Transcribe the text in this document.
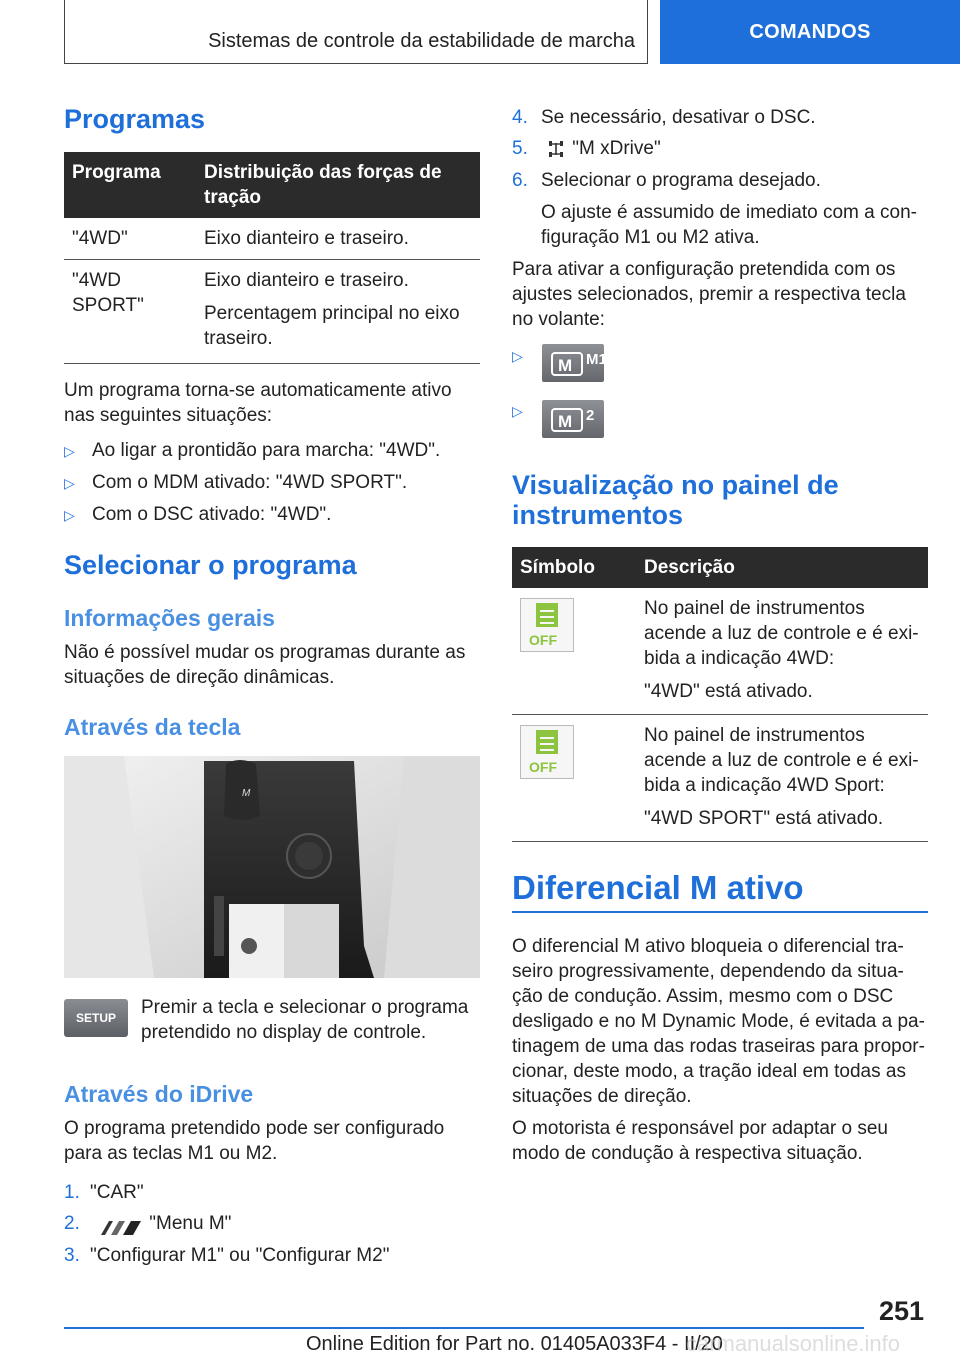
Sistemas de controle da estabilidade de marcha	COMANDOS
Programas
Programa	Distribuição das forças de tração
"4WD"	Eixo dianteiro e traseiro.

"4WD SPORT"	Eixo dianteiro e traseiro.

Percentagem principal no eixo traseiro.

Um programa torna-se automaticamente ativo nas seguintes situações:
▷ Ao ligar a prontidão para marcha: "4WD".
▷ Com o MDM ativado: "4WD SPORT".
▷ Com o DSC ativado: "4WD".
Selecionar o programa
Informações gerais
Não é possível mudar os programas durante as situações de direção dinâmicas.
Através da tecla
M
SETUP	Premir a tecla e selecionar o programa pretendido no display de controle.
Através do iDrive
O programa pretendido pode ser configurado para as teclas M1 ou M2.
1. "CAR"
2.	"Menu M"
3. "Configurar M1" ou "Configurar M2"
4. Se necessário, desativar o DSC.
5. "M xDrive"
6. Selecionar o programa desejado.
O ajuste é assumido de imediato com a con‐figuração M1 ou M2 ativa.
Para ativar a configuração pretendida com os ajustes selecionados, premir a respectiva tecla no volante:
▷	M M1
▷
M 2
Visualização no painel de instrumentos
Símbolo	Descrição

OFF	No painel de instrumentos acende a luz de controle e é exi‐bida a indicação 4WD:

"4WD" está ativado.

OFF	No painel de instrumentos acende a luz de controle e é exi‐bida a indicação 4WD Sport:

"4WD SPORT" está ativado.

Diferencial M ativo
O diferencial M ativo bloqueia o diferencial tra‐seiro progressivamente, dependendo da situa‐ção de condução. Assim, mesmo com o DSC desligado e no M Dynamic Mode, é evitada a pa‐tinagem de uma das rodas traseiras para propor‐cionar, deste modo, a tração ideal em todas as situações de direção.
O motorista é responsável por adaptar o seu modo de condução à respectiva situação.
251
Online Edition for Part no. 01405A033F4 - II/20
carmanualsonline.info
